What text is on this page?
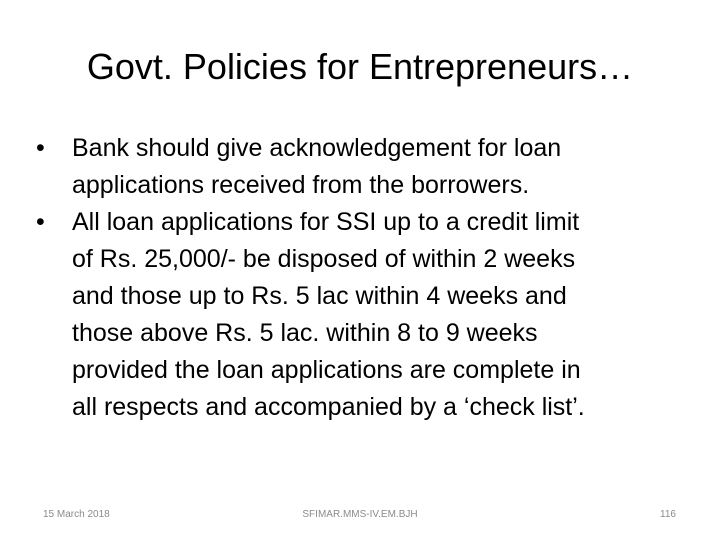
Govt. Policies for Entrepreneurs…
•	Bank should give acknowledgement for loan
applications received from the borrowers.
•	All loan applications for SSI up to a credit limit
of Rs. 25,000/- be disposed of within 2 weeks
and those up to Rs. 5 lac within 4 weeks and
those above Rs. 5 lac. within 8 to 9 weeks
provided the loan applications are complete in
all respects and accompanied by a ‘check list’.
15 March 2018	SFIMAR.MMS-IV.EM.BJH	116
